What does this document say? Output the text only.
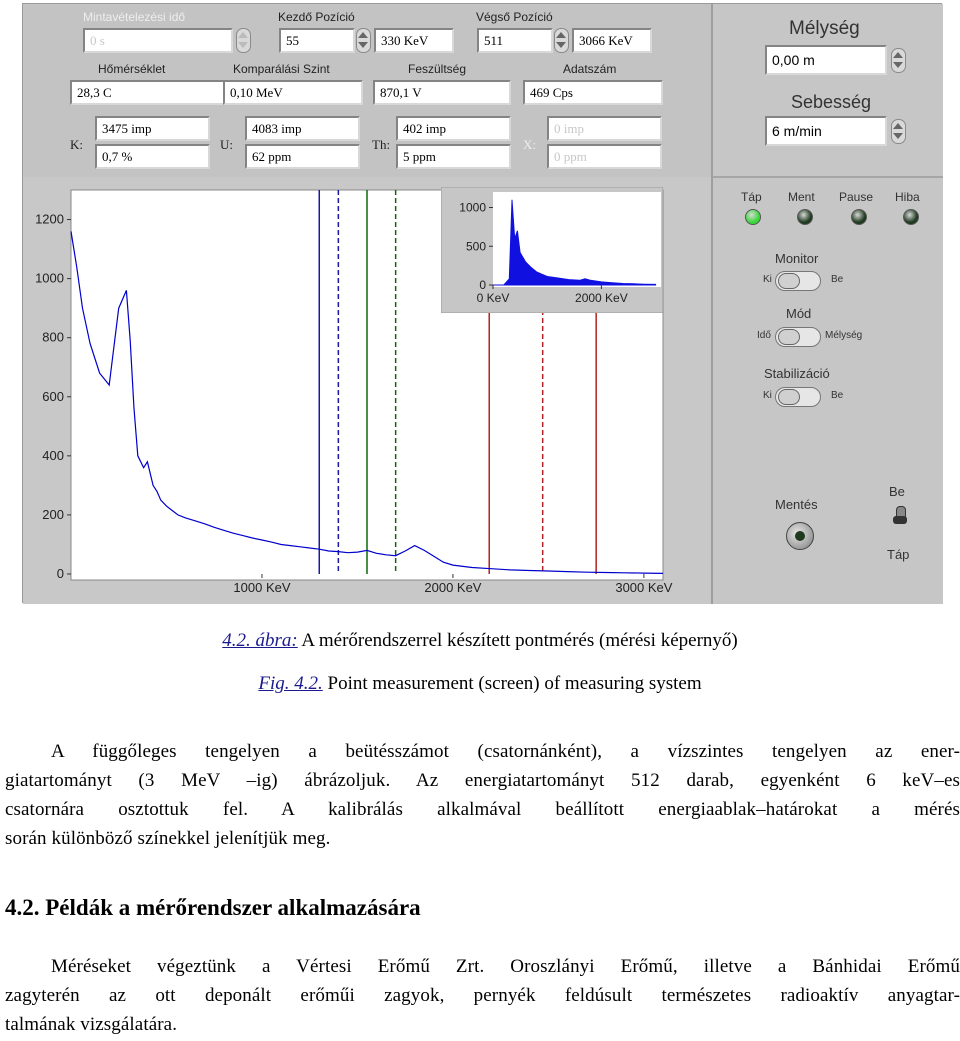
Mintavételezési idő
0 s
Kezdő Pozíció
55	330 KeV
Végső Pozíció
511	3066 KeV
Hőmérséklet
28,3 C
Komparálási Szint
0,10 MeV
Feszültség
870,1 V
Adatszám
469 Cps
K:
3475 imp
0,7 %
U:
4083 imp
62 ppm
Th:
402 imp
5 ppm
X:
0 imp
0 ppm
0
200
400
600
800
1000
1200
1000 KeV	2000 KeV	3000 KeV
0
500
1000
0 KeV	2000 KeV
Mélység
0,00 m
Sebesség
6 m/min
Táp Ment Pause Hiba
Monitor
Ki	Be
Mód
Idő	Mélység
Stabilizáció
Ki	Be
Mentés
Be
Táp
4.2. ábra: A mérőrendszerrel készített pontmérés (mérési képernyő)
Fig. 4.2. Point measurement (screen) of measuring system
A függőleges tengelyen a beütésszámot (csatornánként), a vízszintes tengelyen az ener-
giatartományt (3 MeV –ig) ábrázoljuk. Az energiatartományt 512 darab, egyenként 6 keV–es
csatornára osztottuk fel. A kalibrálás alkalmával beállított energiaablak–határokat a mérés
során különböző színekkel jelenítjük meg.
4.2. Példák a mérőrendszer alkalmazására
Méréseket végeztünk a Vértesi Erőmű Zrt. Oroszlányi Erőmű, illetve a Bánhidai Erőmű
zagyterén az ott deponált erőműi zagyok, pernyék feldúsult természetes radioaktív anyagtar-
talmának vizsgálatára.
